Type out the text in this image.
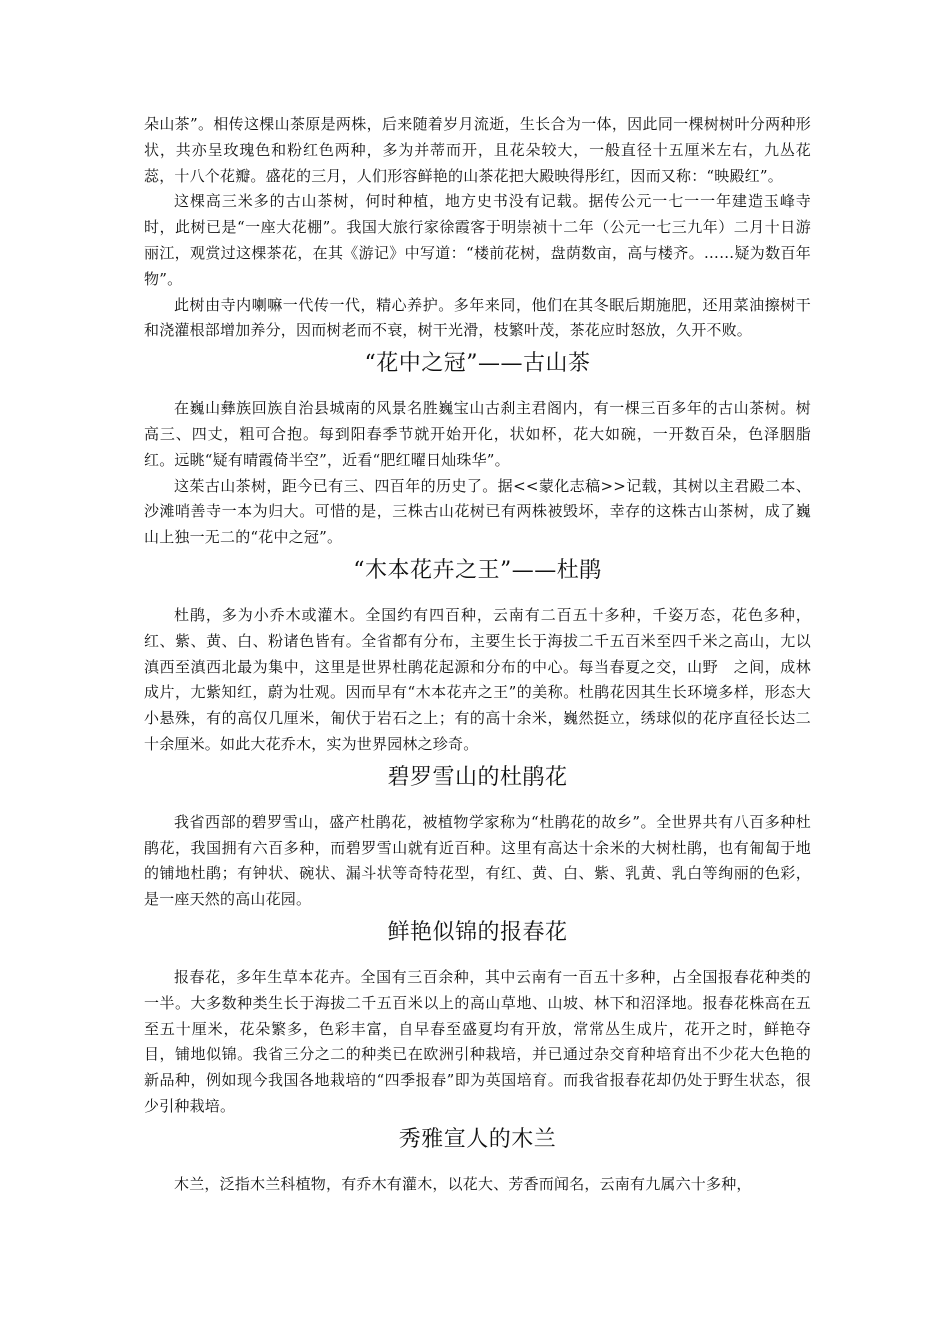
朵山茶”。相传这棵山茶原是两株，后来随着岁月流逝，生长合为一体，因此同一棵树树叶分两种形状，共亦呈玫瑰色和粉红色两种，多为并蒂而开，且花朵较大，一般直径十五厘米左右，九丛花蕊，十八个花瓣。盛花的三月，人们形容鲜艳的山茶花把大殿映得彤红，因而又称：“映殿红”。

这棵高三米多的古山茶树，何时种植，地方史书没有记载。据传公元一七一一年建造玉峰寺时，此树已是“一座大花棚”。我国大旅行家徐霞客于明崇祯十二年（公元一七三九年）二月十日游丽江，观赏过这棵茶花，在其《游记》中写道：“楼前花树，盘荫数亩，高与楼齐。……疑为数百年物”。

此树由寺内喇嘛一代传一代，精心养护。多年来同，他们在其冬眠后期施肥，还用菜油擦树干和浇灌根部增加养分，因而树老而不衰，树干光滑，枝繁叶茂，茶花应时怒放，久开不败。

“花中之冠”——古山茶

在巍山彝族回族自治县城南的风景名胜巍宝山古刹主君阁内，有一棵三百多年的古山茶树。树高三、四丈，粗可合抱。每到阳春季节就开始开化，状如杯，花大如碗，一开数百朵，色泽胭脂红。远眺“疑有晴霞倚半空”，近看“肥红曜日灿珠华”。

这茱古山茶树，距今已有三、四百年的历史了。据<<蒙化志稿>>记载，其树以主君殿二本、沙滩哨善寺一本为归大。可惜的是，三株古山花树已有两株被毁坏，幸存的这株古山茶树，成了巍山上独一无二的“花中之冠”。

“木本花卉之王”——杜鹃

杜鹃，多为小乔木或灌木。全国约有四百种，云南有二百五十多种，千姿万态，花色多种，红、紫、黄、白、粉诸色皆有。全省都有分布，主要生长于海拔二千五百米至四千米之高山，尢以滇西至滇西北最为集中，这里是世界杜鹃花起源和分布的中心。每当春夏之交，山野　之间，成林成片，尢紫知红，蔚为壮观。因而早有“木本花卉之王”的美称。杜鹃花因其生长环境多样，形态大小悬殊，有的高仅几厘米，匍伏于岩石之上；有的高十余米，巍然挺立，绣球似的花序直径长达二十余厘米。如此大花乔木，实为世界园林之珍奇。

碧罗雪山的杜鹃花

我省西部的碧罗雪山，盛产杜鹃花，被植物学家称为“杜鹃花的故乡”。全世界共有八百多种杜鹃花，我国拥有六百多种，而碧罗雪山就有近百种。这里有高达十余米的大树杜鹃，也有匍匐于地的铺地杜鹃；有钟状、碗状、漏斗状等奇特花型，有红、黄、白、紫、乳黄、乳白等绚丽的色彩，是一座天然的高山花园。

鲜艳似锦的报春花

报春花，多年生草本花卉。全国有三百余种，其中云南有一百五十多种，占全国报春花种类的一半。大多数种类生长于海拔二千五百米以上的高山草地、山坡、林下和沼泽地。报春花株高在五至五十厘米，花朵繁多，色彩丰富，自早春至盛夏均有开放，常常丛生成片，花开之时，鲜艳夺目，铺地似锦。我省三分之二的种类已在欧洲引种栽培，并已通过杂交育种培育出不少花大色艳的新品种，例如现今我国各地栽培的“四季报春”即为英国培育。而我省报春花却仍处于野生状态，很少引种栽培。

秀雅宣人的木兰

木兰，泛指木兰科植物，有乔木有灌木，以花大、芳香而闻名，云南有九属六十多种，
